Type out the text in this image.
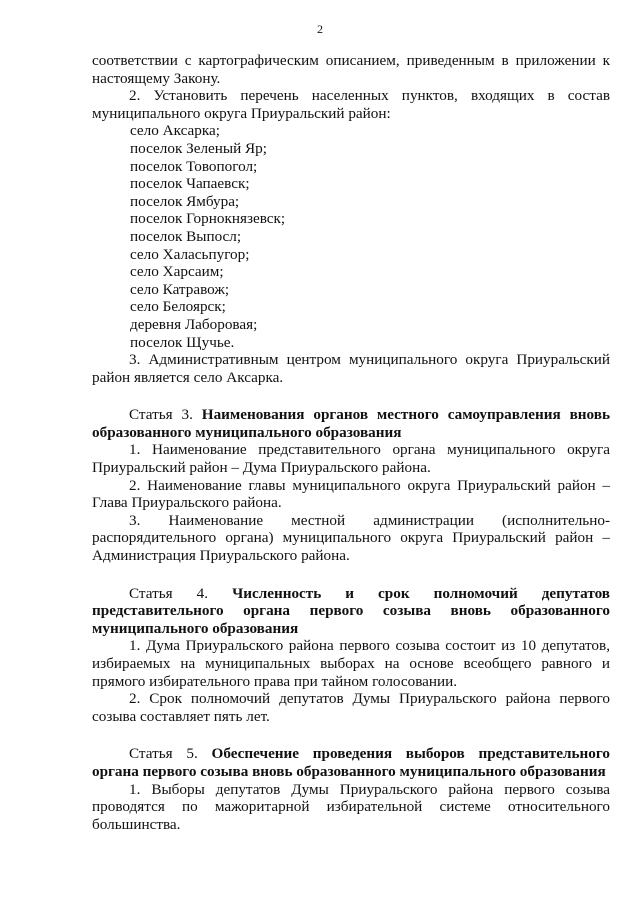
2

соответствии с картографическим описанием, приведенным в приложении к настоящему Закону.

2. Установить перечень населенных пунктов, входящих в состав муниципального округа Приуральский район:

село Аксарка;
поселок Зеленый Яр;
поселок Товопогол;
поселок Чапаевск;
поселок Ямбура;
поселок Горнокнязевск;
поселок Выпосл;
село Халасьпугор;
село Харсаим;
село Катравож;
село Белоярск;
деревня Лаборовая;
поселок Щучье.

3. Административным центром муниципального округа Приуральский район является село Аксарка.

Статья 3. Наименования органов местного самоуправления вновь образованного муниципального образования

1. Наименование представительного органа муниципального округа Приуральский район – Дума Приуральского района.

2. Наименование главы муниципального округа Приуральский район – Глава Приуральского района.

3. Наименование местной администрации (исполнительно-

распорядительного органа) муниципального округа Приуральский район – Администрация Приуральского района.

Статья 4. Численность и срок полномочий депутатов представительного органа первого созыва вновь образованного муниципального образования

1. Дума Приуральского района первого созыва состоит из 10 депутатов, избираемых на муниципальных выборах на основе всеобщего равного и прямого избирательного права при тайном голосовании.

2. Срок полномочий депутатов Думы Приуральского района первого созыва составляет пять лет.

Статья 5. Обеспечение проведения выборов представительного органа первого созыва вновь образованного муниципального образования

1. Выборы депутатов Думы Приуральского района первого созыва проводятся по мажоритарной избирательной системе относительного большинства.
